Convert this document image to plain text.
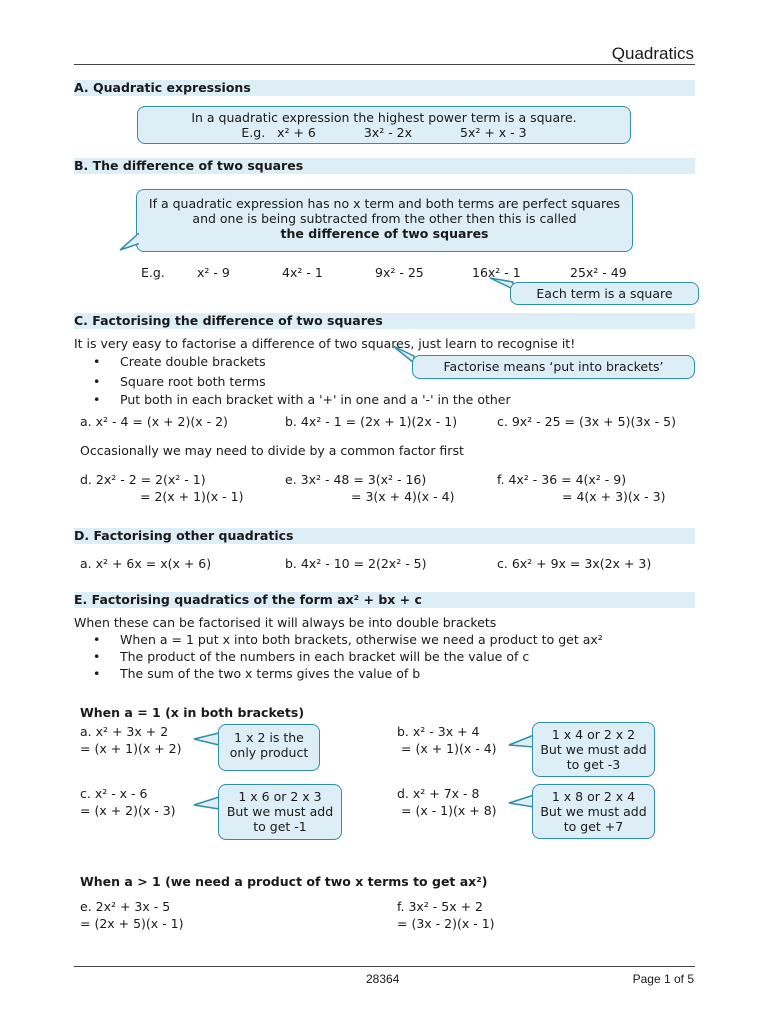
Quadratics
A. Quadratic expressions
In a quadratic expression the highest power term is a square.
E.g. x² + 6	3x² - 2x	5x² + x - 3
B. The difference of two squares
If a quadratic expression has no x term and both terms are perfect squares
and one is being subtracted from the other then this is called
the difference of two squares
E.g.	x² - 9	4x² - 1	9x² - 25	16x² - 1	25x² - 49
Each term is a square
C. Factorising the difference of two squares
It is very easy to factorise a difference of two squares, just learn to recognise it!
• Create double brackets
• Square root both terms
• Put both in each bracket with a '+' in one and a '-' in the other
Factorise means ‘put into brackets’
a. x² - 4 = (x + 2)(x - 2)	b. 4x² - 1 = (2x + 1)(2x - 1)	c. 9x² - 25 = (3x + 5)(3x - 5)
Occasionally we may need to divide by a common factor first
d. 2x² - 2 = 2(x² - 1)
= 2(x + 1)(x - 1)
e. 3x² - 48 = 3(x² - 16)
= 3(x + 4)(x - 4)
f. 4x² - 36 = 4(x² - 9)
= 4(x + 3)(x - 3)
D. Factorising other quadratics
a. x² + 6x = x(x + 6)	b. 4x² - 10 = 2(2x² - 5)	c. 6x² + 9x = 3x(2x + 3)
E. Factorising quadratics of the form ax² + bx + c
When these can be factorised it will always be into double brackets
• When a = 1 put x into both brackets, otherwise we need a product to get ax²
• The product of the numbers in each bracket will be the value of c
• The sum of the two x terms gives the value of b
When a = 1 (x in both brackets)
a. x² + 3x + 2
= (x + 1)(x + 2)
1 x 2 is the
only product
b. x² - 3x + 4
= (x + 1)(x - 4)
1 x 4 or 2 x 2
But we must add
to get -3
c. x² - x - 6
= (x + 2)(x - 3)
1 x 6 or 2 x 3
But we must add
to get -1
d. x² + 7x - 8
= (x - 1)(x + 8)
1 x 8 or 2 x 4
But we must add
to get +7
When a > 1 (we need a product of two x terms to get ax²)
e. 2x² + 3x - 5
= (2x + 5)(x - 1)
f. 3x² - 5x + 2
= (3x - 2)(x - 1)
28364	Page 1 of 5
